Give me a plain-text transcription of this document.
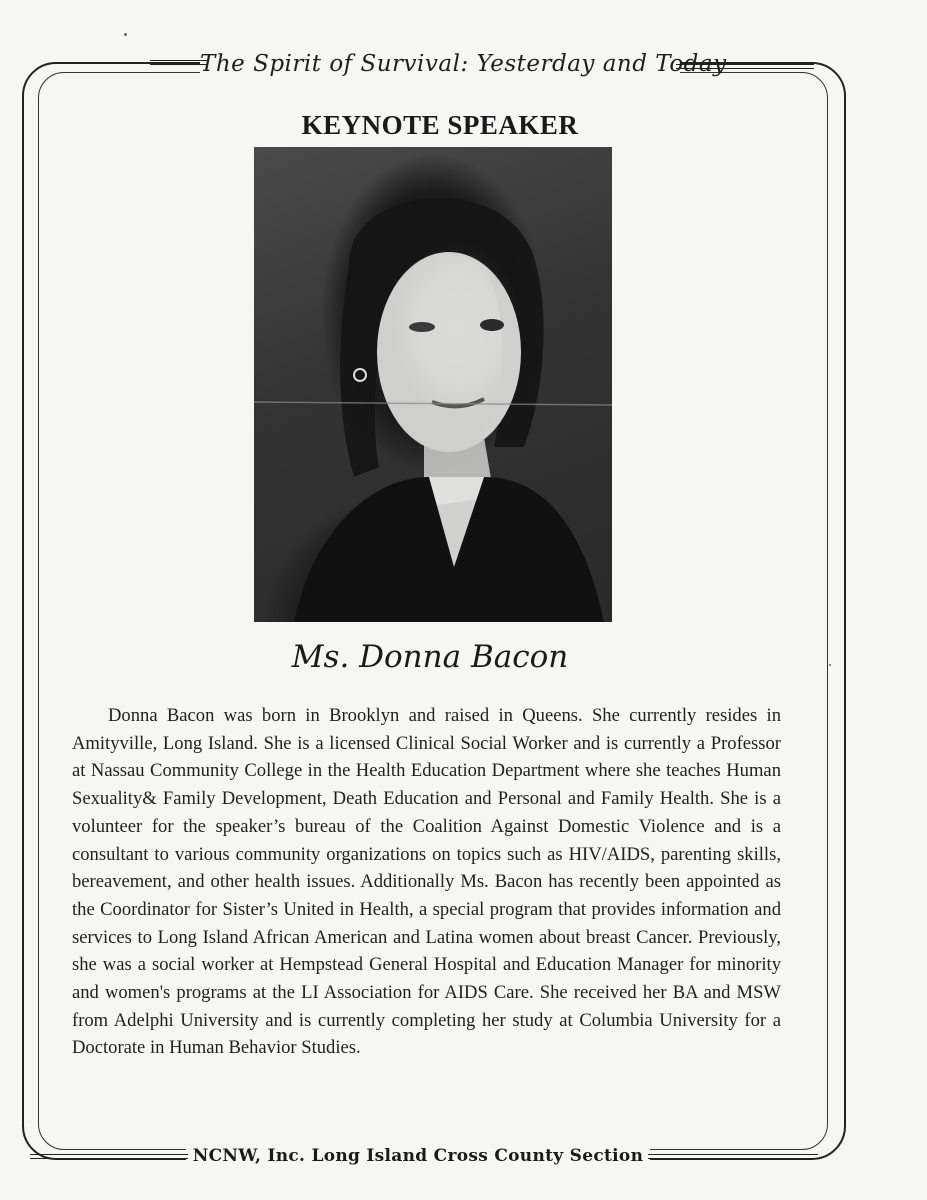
The Spirit of Survival: Yesterday and Today
KEYNOTE SPEAKER
Ms. Donna Bacon

Donna Bacon was born in Brooklyn and raised in Queens. She currently resides in Amityville, Long Island. She is a licensed Clinical Social Worker and is currently a Professor at Nassau Community College in the Health Education Department where she teaches Human Sexuality& Family Development, Death Education and Personal and Family Health. She is a volunteer for the speaker’s bureau of the Coalition Against Domestic Violence and is a consultant to various community organizations on topics such as HIV/AIDS, parenting skills, bereavement, and other health issues. Additionally Ms. Bacon has recently been appointed as the Coordinator for Sister’s United in Health, a special program that provides information and services to Long Island African American and Latina women about breast Cancer. Previously, she was a social worker at Hempstead General Hospital and Education Manager for minority and women's programs at the LI Association for AIDS Care. She received her BA and MSW from Adelphi University and is currently completing her study at Columbia University for a Doctorate in Human Behavior Studies.

NCNW, Inc. Long Island Cross County Section
